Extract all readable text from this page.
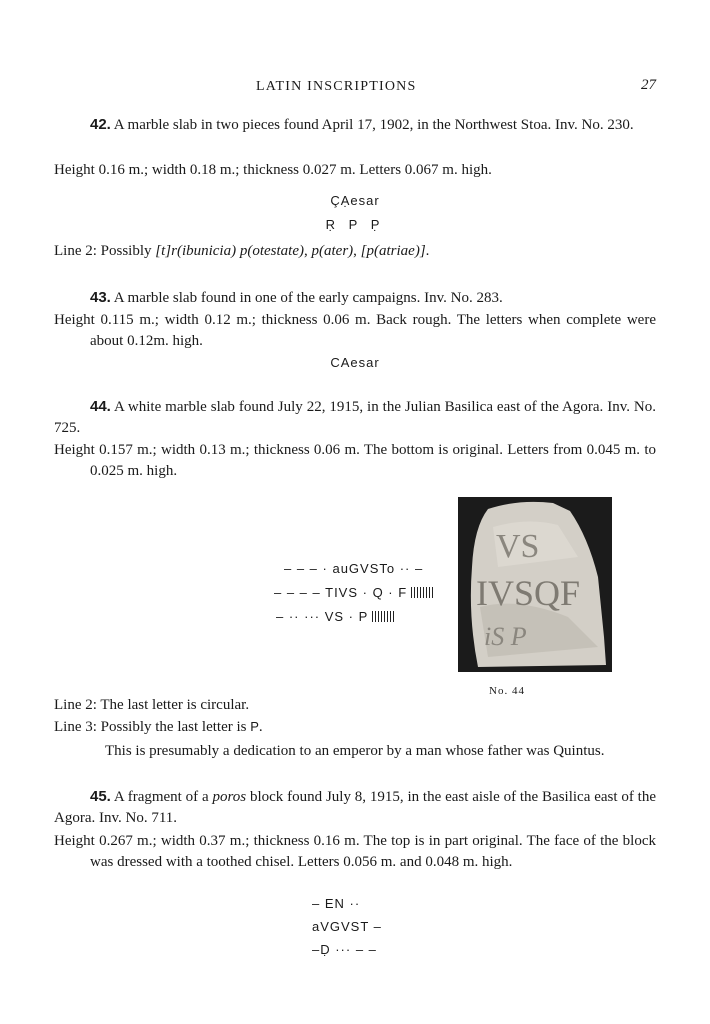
LATIN INSCRIPTIONS	27
42. A marble slab in two pieces found April 17, 1902, in the Northwest Stoa. Inv. No. 230.
Height 0.16 m.; width 0.18 m.; thickness 0.027 m. Letters 0.067 m. high.
ÇẠesar
Ṛ P P̣
Line 2: Possibly [t]r(ibunicia) p(otestate), p(ater), [p(atriae)].
43. A marble slab found in one of the early campaigns. Inv. No. 283.
Height 0.115 m.; width 0.12 m.; thickness 0.06 m. Back rough. The letters when complete were about 0.12m. high.
CAesar
44. A white marble slab found July 22, 1915, in the Julian Basilica east of the Agora. Inv. No. 725.
Height 0.157 m.; width 0.13 m.; thickness 0.06 m. The bottom is original. Letters from 0.045 m. to 0.025 m. high.
– – – · auGVSTo ·· –
– – – – TIVS · Q · F
– ·· ··· VS · P
VS
IVSQF
iS P
No. 44
Line 2: The last letter is circular.
Line 3: Possibly the last letter is P.
This is presumably a dedication to an emperor by a man whose father was Quintus.
45. A fragment of a poros block found July 8, 1915, in the east aisle of the Basilica east of the Agora. Inv. No. 711.
Height 0.267 m.; width 0.37 m.; thickness 0.16 m. The top is in part original. The face of the block was dressed with a toothed chisel. Letters 0.056 m. and 0.048 m. high.
– EN ··
aVGVST –
–Ḍ ··· – –
